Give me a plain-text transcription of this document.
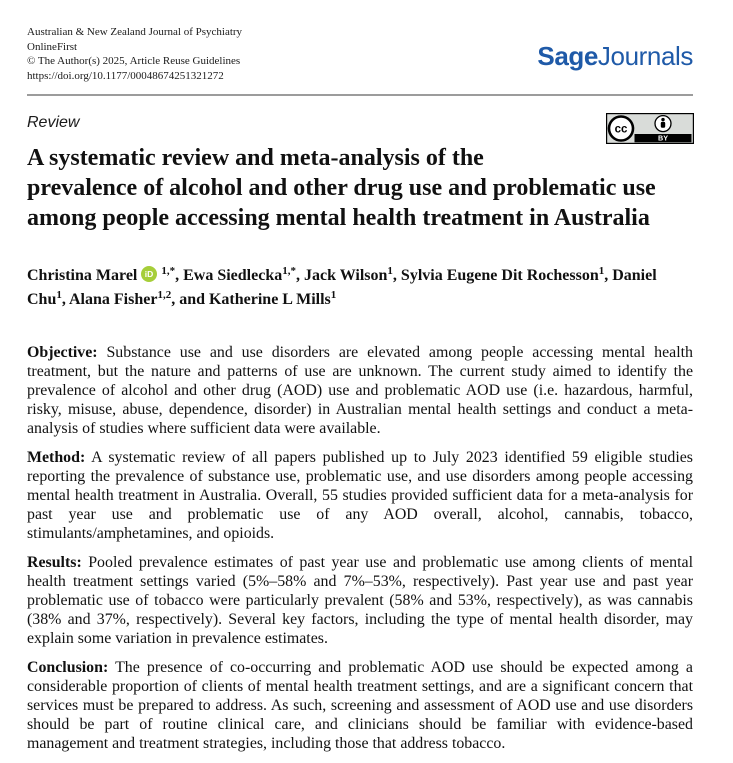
Australian & New Zealand Journal of Psychiatry
OnlineFirst
© The Author(s) 2025, Article Reuse Guidelines
https://doi.org/10.1177/00048674251321272
SageJournals
Review	cc
BY
A systematic review and meta-analysis of the
prevalence of alcohol and other drug use and problematic use
among people accessing mental health treatment in Australia
Christina Marel iD $^{1,*}$, Ewa Siedlecka$^{1,*}$, Jack Wilson$^1$, Sylvia Eugene Dit Rochesson$^1$, Daniel Chu$^1$, Alana Fisher$^{1,2}$, and Katherine L Mills$^1$
Objective: Substance use and use disorders are elevated among people accessing mental health
treatment, but the nature and patterns of use are unknown. The current study aimed to identify the
prevalence of alcohol and other drug (AOD) use and problematic AOD use (i.e. hazardous, harmful,
risky, misuse, abuse, dependence, disorder) in Australian mental health settings and conduct a meta-
analysis of studies where sufficient data were available.
Method: A systematic review of all papers published up to July 2023 identified 59 eligible studies
reporting the prevalence of substance use, problematic use, and use disorders among people accessing
mental health treatment in Australia. Overall, 55 studies provided sufficient data for a meta-analysis for
past year use and problematic use of any AOD overall, alcohol, cannabis, tobacco,
stimulants/amphetamines, and opioids.
Results: Pooled prevalence estimates of past year use and problematic use among clients of mental
health treatment settings varied (5%–58% and 7%–53%, respectively). Past year use and past year
problematic use of tobacco were particularly prevalent (58% and 53%, respectively), as was cannabis
(38% and 37%, respectively). Several key factors, including the type of mental health disorder, may
explain some variation in prevalence estimates.
Conclusion: The presence of co-occurring and problematic AOD use should be expected among a
considerable proportion of clients of mental health treatment settings, and are a significant concern that
services must be prepared to address. As such, screening and assessment of AOD use and use disorders
should be part of routine clinical care, and clinicians should be familiar with evidence-based
management and treatment strategies, including those that address tobacco.
